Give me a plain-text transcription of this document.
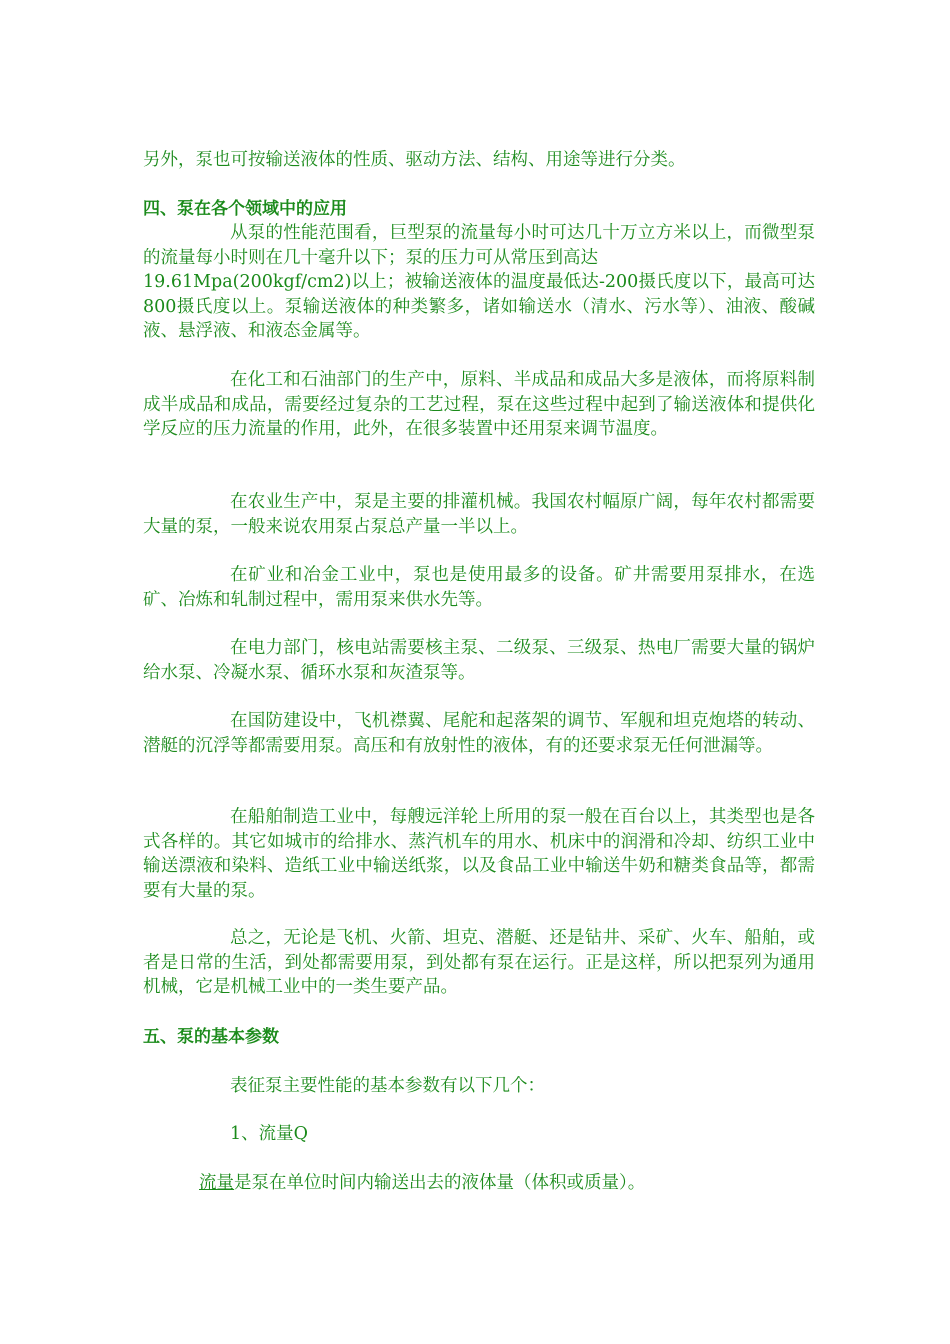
另外，泵也可按输送液体的性质、驱动方法、结构、用途等进行分类。

四、泵在各个领域中的应用

从泵的性能范围看，巨型泵的流量每小时可达几十万立方米以上，而微型泵的流量每小时则在几十毫升以下；泵的压力可从常压到高达

19.61Mpa(200kgf/cm2)以上；被输送液体的温度最低达-200摄氏度以下，最高可达800摄氏度以上。泵输送液体的种类繁多，诸如输送水（清水、污水等）、油液、酸碱液、悬浮液、和液态金属等。

在化工和石油部门的生产中，原料、半成品和成品大多是液体，而将原料制成半成品和成品，需要经过复杂的工艺过程，泵在这些过程中起到了输送液体和提供化学反应的压力流量的作用，此外，在很多装置中还用泵来调节温度。

在农业生产中，泵是主要的排灌机械。我国农村幅原广阔，每年农村都需要大量的泵，一般来说农用泵占泵总产量一半以上。

在矿业和冶金工业中，泵也是使用最多的设备。矿井需要用泵排水，在选矿、冶炼和轧制过程中，需用泵来供水先等。

在电力部门，核电站需要核主泵、二级泵、三级泵、热电厂需要大量的锅炉给水泵、冷凝水泵、循环水泵和灰渣泵等。

在国防建设中，飞机襟翼、尾舵和起落架的调节、军舰和坦克炮塔的转动、潜艇的沉浮等都需要用泵。高压和有放射性的液体，有的还要求泵无任何泄漏等。

在船舶制造工业中，每艘远洋轮上所用的泵一般在百台以上，其类型也是各式各样的。其它如城市的给排水、蒸汽机车的用水、机床中的润滑和冷却、纺织工业中输送漂液和染料、造纸工业中输送纸浆，以及食品工业中输送牛奶和糖类食品等，都需要有大量的泵。

总之，无论是飞机、火箭、坦克、潜艇、还是钻井、采矿、火车、船舶，或者是日常的生活，到处都需要用泵，到处都有泵在运行。正是这样，所以把泵列为通用机械，它是机械工业中的一类生要产品。

五、泵的基本参数

表征泵主要性能的基本参数有以下几个：

1、流量Q

流量是泵在单位时间内输送出去的液体量（体积或质量）。
